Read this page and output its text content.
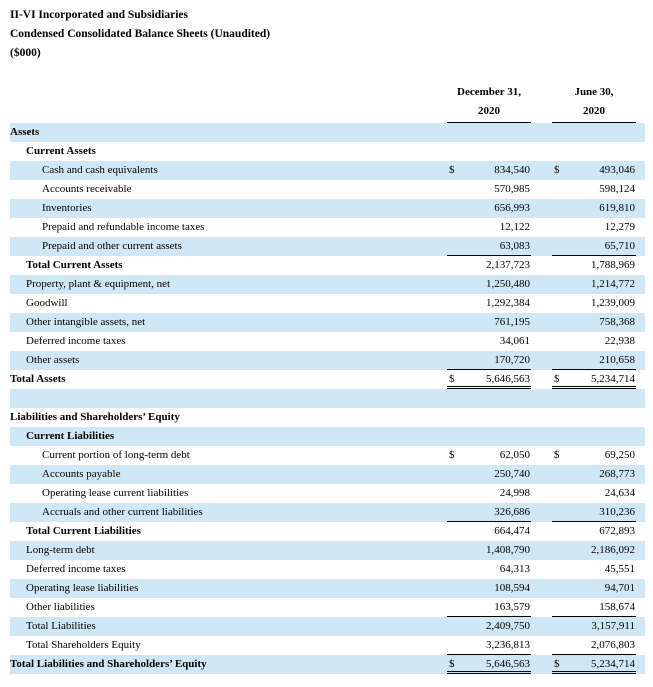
II-VI Incorporated and Subsidiaries
Condensed Consolidated Balance Sheets (Unaudited)
($000)
December 31,
2020
June 30,
2020
Assets
Current Assets
Cash and cash equivalents	$	834,540 $	493,046
Accounts receivable	570,985	598,124
Inventories	656,993	619,810
Prepaid and refundable income taxes	12,122	12,279
Prepaid and other current assets	63,083	65,710
Total Current Assets	2,137,723	1,788,969
Property, plant & equipment, net	1,250,480	1,214,772
Goodwill	1,292,384	1,239,009
Other intangible assets, net	761,195	758,368
Deferred income taxes	34,061	22,938
Other assets	170,720	210,658
Total Assets	$	5,646,563 $	5,234,714
Liabilities and Shareholders’ Equity
Current Liabilities
Current portion of long-term debt	$	62,050 $	69,250
Accounts payable	250,740	268,773
Operating lease current liabilities	24,998	24,634
Accruals and other current liabilities	326,686	310,236
Total Current Liabilities	664,474	672,893
Long-term debt	1,408,790	2,186,092
Deferred income taxes	64,313	45,551
Operating lease liabilities	108,594	94,701
Other liabilities	163,579	158,674
Total Liabilities	2,409,750	3,157,911
Total Shareholders Equity	3,236,813	2,076,803
Total Liabilities and Shareholders’ Equity	$	5,646,563 $	5,234,714
